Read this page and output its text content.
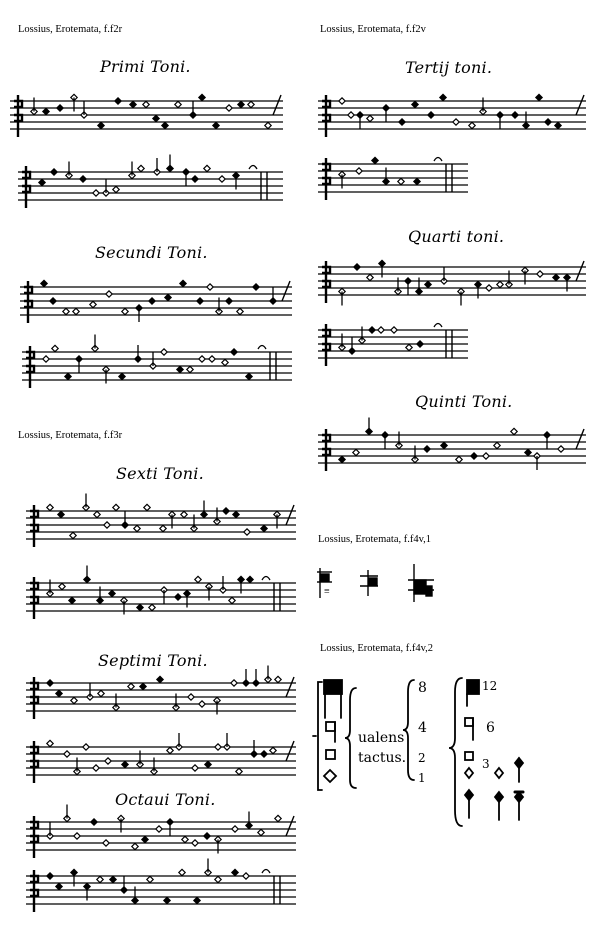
Lossius, Erotemata, f.f2r
Primi Toni.
Secundi Toni.
Lossius, Erotemata, f.f3r
Sexti Toni.
Septimi Toni.
Octaui Toni.
Lossius, Erotemata, f.f2v
Tertij toni.
Quarti toni.
Quinti Toni.
Lossius, Erotemata, f.f4v,1
≡
Lossius, Erotemata, f.f4v,2
ualens
tactus.
8
4
2
1
12
6
3
